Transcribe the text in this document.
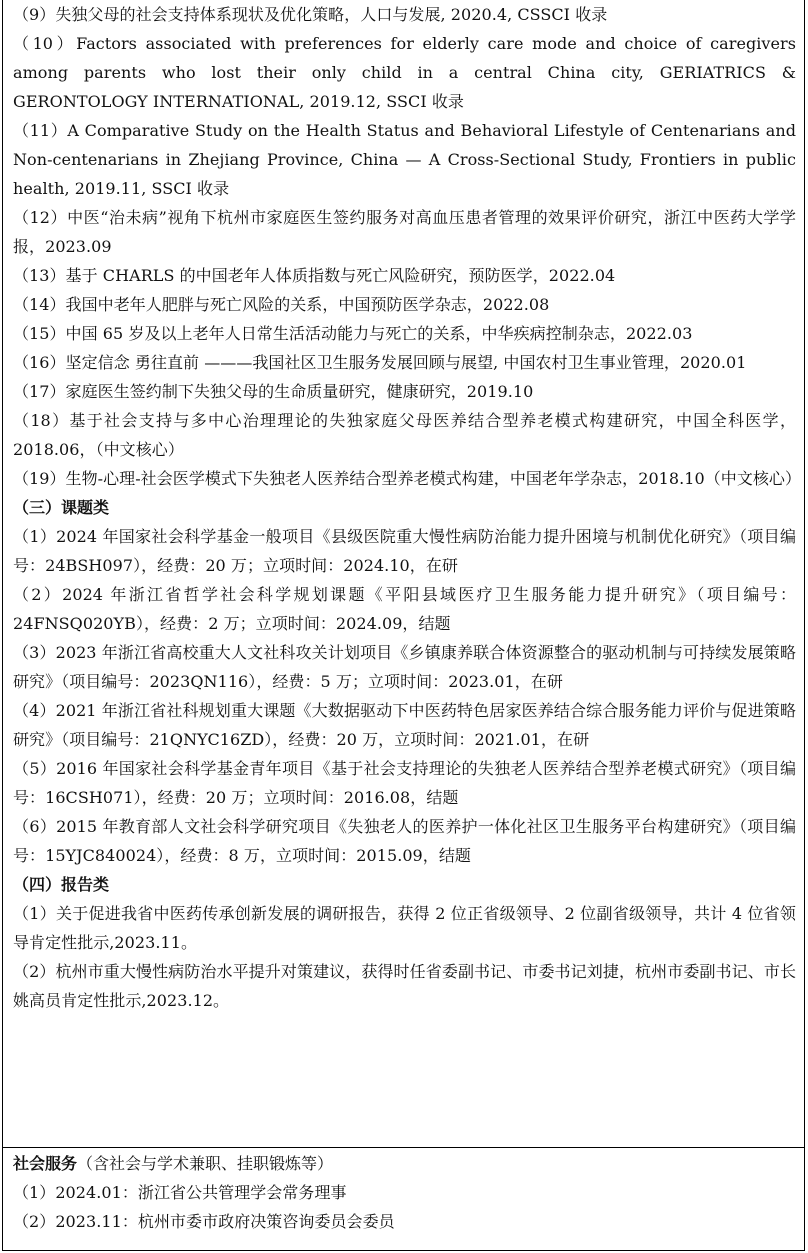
（9）失独父母的社会支持体系现状及优化策略，人口与发展, 2020.4, CSSCI 收录
（10）Factors associated with preferences for elderly care mode and choice of caregivers among parents who lost their only child in a central China city, GERIATRICS & GERONTOLOGY INTERNATIONAL, 2019.12, SSCI 收录
（11）A Comparative Study on the Health Status and Behavioral Lifestyle of Centenarians and Non-centenarians in Zhejiang Province, China — A Cross-Sectional Study, Frontiers in public health, 2019.11, SSCI 收录
（12）中医“治未病”视角下杭州市家庭医生签约服务对高血压患者管理的效果评价研究，浙江中医药大学学报，2023.09
（13）基于 CHARLS 的中国老年人体质指数与死亡风险研究，预防医学，2022.04
（14）我国中老年人肥胖与死亡风险的关系，中国预防医学杂志，2022.08
（15）中国 65 岁及以上老年人日常生活活动能力与死亡的关系，中华疾病控制杂志，2022.03
（16）坚定信念 勇往直前 ———我国社区卫生服务发展回顾与展望, 中国农村卫生事业管理，2020.01
（17）家庭医生签约制下失独父母的生命质量研究，健康研究，2019.10
（18）基于社会支持与多中心治理理论的失独家庭父母医养结合型养老模式构建研究，中国全科医学，2018.06，（中文核心）
（19）生物-心理-社会医学模式下失独老人医养结合型养老模式构建，中国老年学杂志，2018.10（中文核心）
（三）课题类
（1）2024 年国家社会科学基金一般项目《县级医院重大慢性病防治能力提升困境与机制优化研究》（项目编号：24BSH097），经费：20 万；立项时间：2024.10，在研
（2）2024 年浙江省哲学社会科学规划课题《平阳县域医疗卫生服务能力提升研究》（项目编号：24FNSQ020YB），经费：2 万；立项时间：2024.09，结题
（3）2023 年浙江省高校重大人文社科攻关计划项目《乡镇康养联合体资源整合的驱动机制与可持续发展策略研究》（项目编号：2023QN116），经费：5 万；立项时间：2023.01，在研
（4）2021 年浙江省社科规划重大课题《大数据驱动下中医药特色居家医养结合综合服务能力评价与促进策略研究》（项目编号：21QNYC16ZD），经费：20 万，立项时间：2021.01，在研
（5）2016 年国家社会科学基金青年项目《基于社会支持理论的失独老人医养结合型养老模式研究》（项目编号：16CSH071），经费：20 万；立项时间：2016.08，结题
（6）2015 年教育部人文社会科学研究项目《失独老人的医养护一体化社区卫生服务平台构建研究》（项目编号：15YJC840024），经费：8 万，立项时间：2015.09，结题
（四）报告类
（1）关于促进我省中医药传承创新发展的调研报告，获得 2 位正省级领导、2 位副省级领导，共计 4 位省领导肯定性批示,2023.11。
（2）杭州市重大慢性病防治水平提升对策建议，获得时任省委副书记、市委书记刘捷，杭州市委副书记、市长姚高员肯定性批示,2023.12。
社会服务（含社会与学术兼职、挂职锻炼等）
（1）2024.01：浙江省公共管理学会常务理事
（2）2023.11：杭州市委市政府决策咨询委员会委员
